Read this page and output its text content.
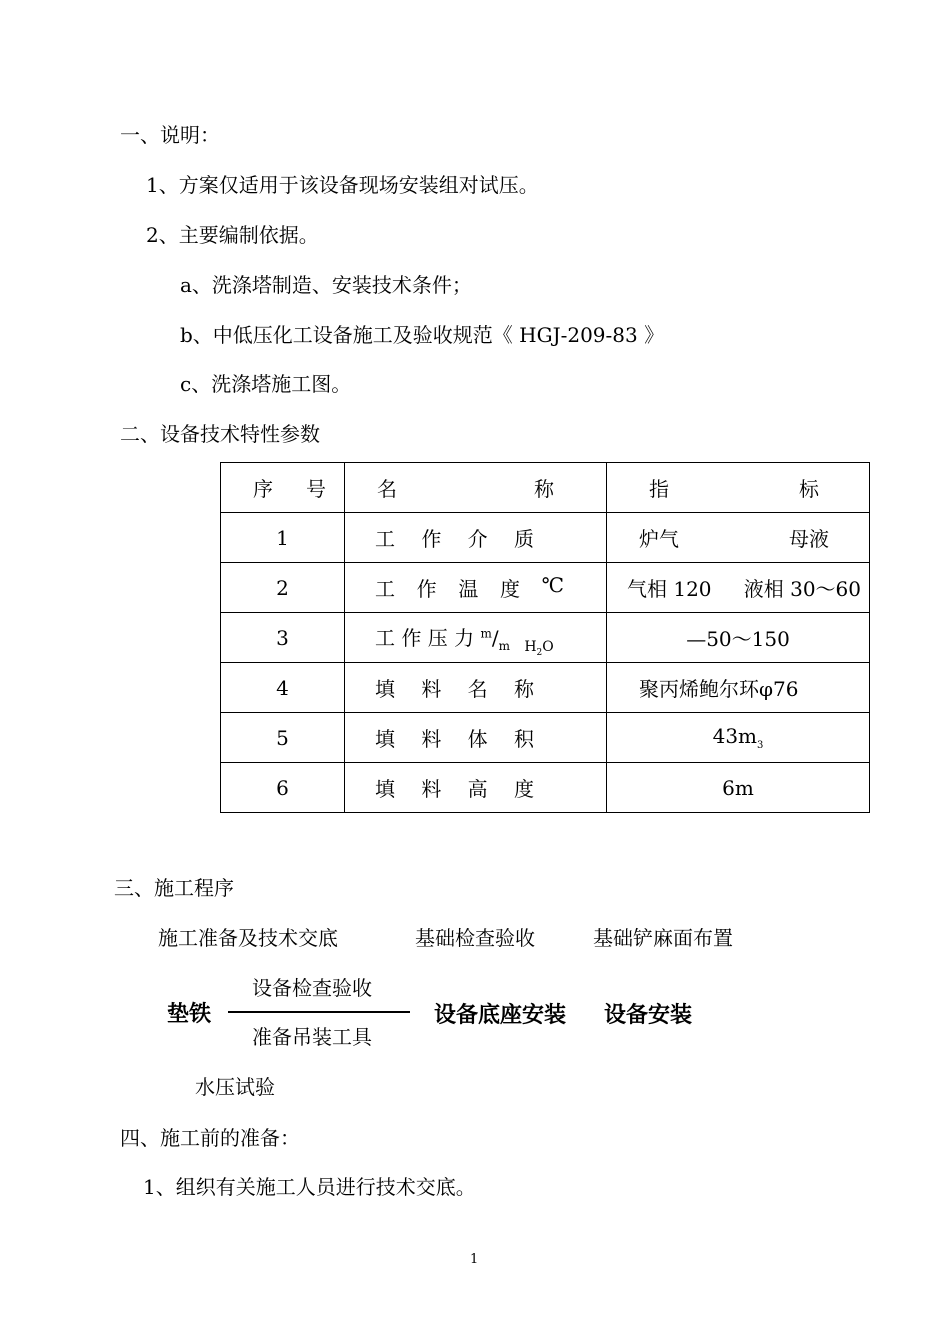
一、说明：
1、方案仅适用于该设备现场安装组对试压。
2、主要编制依据。
a、洗涤塔制造、安装技术条件；
b、中低压化工设备施工及验收规范《 HGJ-209-83 》
c、洗涤塔施工图。
二、设备技术特性参数
序 号	名 称	指 标

1	工 作 介 质	炉气 母液

2	工 作 温 度 ℃	气相 120 液相 30～60

3	工 作 压 力 $^m/_m$ $_{H_2O}$	—50～150
4	填 料 名 称	聚丙烯鲍尔环φ76

5	填 料 体 积	$43m_3$
6	填 料 高 度	6m
三、施工程序
施工准备及技术交底	基础检查验收	基础铲麻面布置
设备检查验收
垫铁	设备底座安装 设备安装
准备吊装工具
水压试验
四、施工前的准备：
1、组织有关施工人员进行技术交底。
1
